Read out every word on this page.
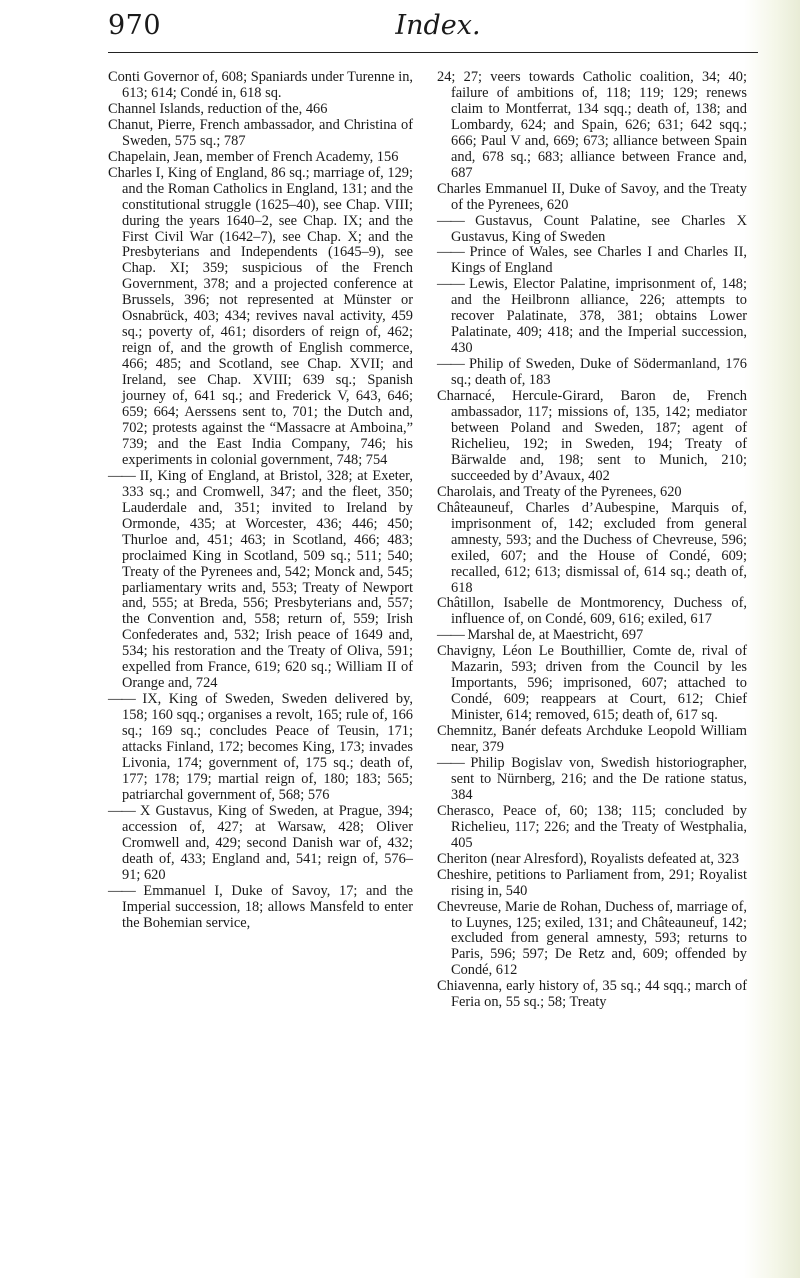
970	Index.

Conti Governor of, 608; Spaniards under Turenne in, 613; 614; Condé in, 618 sq.

Channel Islands, reduction of the, 466

Chanut, Pierre, French ambassador, and Christina of Sweden, 575 sq.; 787

Chapelain, Jean, member of French Academy, 156

Charles I, King of England, 86 sq.; marriage of, 129; and the Roman Catholics in England, 131; and the constitutional struggle (1625–40), see Chap. VIII; during the years 1640–2, see Chap. IX; and the First Civil War (1642–7), see Chap. X; and the Presbyterians and Independents (1645–9), see Chap. XI; 359; suspicious of the French Government, 378; and a projected conference at Brussels, 396; not represented at Münster or Osnabrück, 403; 434; revives naval activity, 459 sq.; poverty of, 461; disorders of reign of, 462; reign of, and the growth of English commerce, 466; 485; and Scotland, see Chap. XVII; and Ireland, see Chap. XVIII; 639 sq.; Spanish journey of, 641 sq.; and Frederick V, 643, 646; 659; 664; Aerssens sent to, 701; the Dutch and, 702; protests against the “Massacre at Amboina,” 739; and the East India Company, 746; his experiments in colonial government, 748; 754

—— II, King of England, at Bristol, 328; at Exeter, 333 sq.; and Cromwell, 347; and the fleet, 350; Lauderdale and, 351; invited to Ireland by Ormonde, 435; at Worcester, 436; 446; 450; Thurloe and, 451; 463; in Scotland, 466; 483; proclaimed King in Scotland, 509 sq.; 511; 540; Treaty of the Pyrenees and, 542; Monck and, 545; parliamentary writs and, 553; Treaty of Newport and, 555; at Breda, 556; Presbyterians and, 557; the Convention and, 558; return of, 559; Irish Confederates and, 532; Irish peace of 1649 and, 534; his restoration and the Treaty of Oliva, 591; expelled from France, 619; 620 sq.; William II of Orange and, 724

—— IX, King of Sweden, Sweden delivered by, 158; 160 sqq.; organises a revolt, 165; rule of, 166 sq.; 169 sq.; concludes Peace of Teusin, 171; attacks Finland, 172; becomes King, 173; invades Livonia, 174; government of, 175 sq.; death of, 177; 178; 179; martial reign of, 180; 183; 565; patriarchal government of, 568; 576

—— X Gustavus, King of Sweden, at Prague, 394; accession of, 427; at Warsaw, 428; Oliver Cromwell and, 429; second Danish war of, 432; death of, 433; England and, 541; reign of, 576–91; 620

—— Emmanuel I, Duke of Savoy, 17; and the Imperial succession, 18; allows Mansfeld to enter the Bohemian service,

24; 27; veers towards Catholic coalition, 34; 40; failure of ambitions of, 118; 119; 129; renews claim to Montferrat, 134 sqq.; death of, 138; and Lombardy, 624; and Spain, 626; 631; 642 sqq.; 666; Paul V and, 669; 673; alliance between Spain and, 678 sq.; 683; alliance between France and, 687

Charles Emmanuel II, Duke of Savoy, and the Treaty of the Pyrenees, 620

—— Gustavus, Count Palatine, see Charles X Gustavus, King of Sweden

—— Prince of Wales, see Charles I and Charles II, Kings of England

—— Lewis, Elector Palatine, imprisonment of, 148; and the Heilbronn alliance, 226; attempts to recover Palatinate, 378, 381; obtains Lower Palatinate, 409; 418; and the Imperial succession, 430

—— Philip of Sweden, Duke of Södermanland, 176 sq.; death of, 183

Charnacé, Hercule-Girard, Baron de, French ambassador, 117; missions of, 135, 142; mediator between Poland and Sweden, 187; agent of Richelieu, 192; in Sweden, 194; Treaty of Bärwalde and, 198; sent to Munich, 210; succeeded by d’Avaux, 402

Charolais, and Treaty of the Pyrenees, 620

Châteauneuf, Charles d’Aubespine, Marquis of, imprisonment of, 142; excluded from general amnesty, 593; and the Duchess of Chevreuse, 596; exiled, 607; and the House of Condé, 609; recalled, 612; 613; dismissal of, 614 sq.; death of, 618

Châtillon, Isabelle de Montmorency, Duchess of, influence of, on Condé, 609, 616; exiled, 617

—— Marshal de, at Maestricht, 697

Chavigny, Léon Le Bouthillier, Comte de, rival of Mazarin, 593; driven from the Council by les Importants, 596; imprisoned, 607; attached to Condé, 609; reappears at Court, 612; Chief Minister, 614; removed, 615; death of, 617 sq.

Chemnitz, Banér defeats Archduke Leopold William near, 379

—— Philip Bogislav von, Swedish historiographer, sent to Nürnberg, 216; and the De ratione status, 384

Cherasco, Peace of, 60; 138; 115; concluded by Richelieu, 117; 226; and the Treaty of Westphalia, 405

Cheriton (near Alresford), Royalists defeated at, 323

Cheshire, petitions to Parliament from, 291; Royalist rising in, 540

Chevreuse, Marie de Rohan, Duchess of, marriage of, to Luynes, 125; exiled, 131; and Châteauneuf, 142; excluded from general amnesty, 593; returns to Paris, 596; 597; De Retz and, 609; offended by Condé, 612

Chiavenna, early history of, 35 sq.; 44 sqq.; march of Feria on, 55 sq.; 58; Treaty
